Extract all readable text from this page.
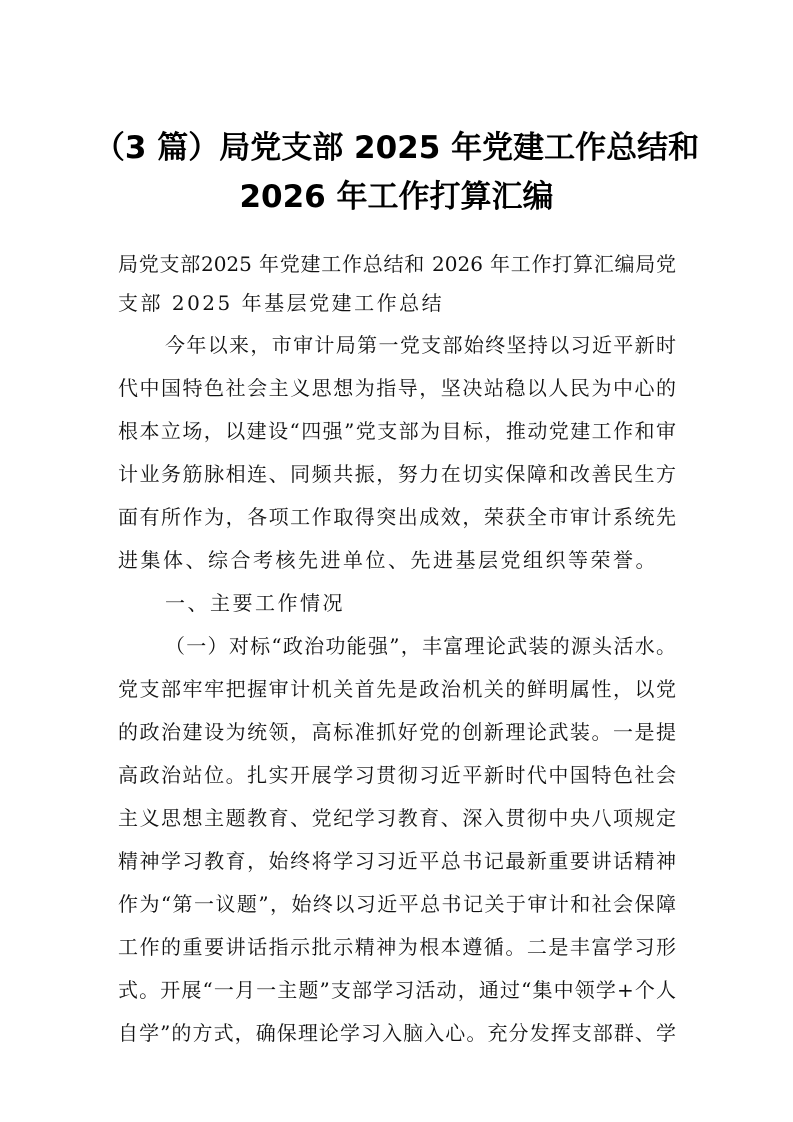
（3 篇）局党支部 2025 年党建工作总结和
2026 年工作打算汇编
局党支部2025 年党建工作总结和 2026 年工作打算汇编局党
支部 2025 年基层党建工作总结
今年以来，市审计局第一党支部始终坚持以习近平新时
代中国特色社会主义思想为指导，坚决站稳以人民为中心的
根本立场，以建设“四强”党支部为目标，推动党建工作和审
计业务筋脉相连、同频共振，努力在切实保障和改善民生方
面有所作为，各项工作取得突出成效，荣获全市审计系统先
进集体、综合考核先进单位、先进基层党组织等荣誉。
一、主要工作情况
（一）对标“政治功能强”，丰富理论武装的源头活水。
党支部牢牢把握审计机关首先是政治机关的鲜明属性，以党
的政治建设为统领，高标准抓好党的创新理论武装。一是提
高政治站位。扎实开展学习贯彻习近平新时代中国特色社会
主义思想主题教育、党纪学习教育、深入贯彻中央八项规定
精神学习教育，始终将学习习近平总书记最新重要讲话精神
作为“第一议题”，始终以习近平总书记关于审计和社会保障
工作的重要讲话指示批示精神为根本遵循。二是丰富学习形
式。开展“一月一主题”支部学习活动，通过“集中领学+个人
自学”的方式，确保理论学习入脑入心。充分发挥支部群、学
